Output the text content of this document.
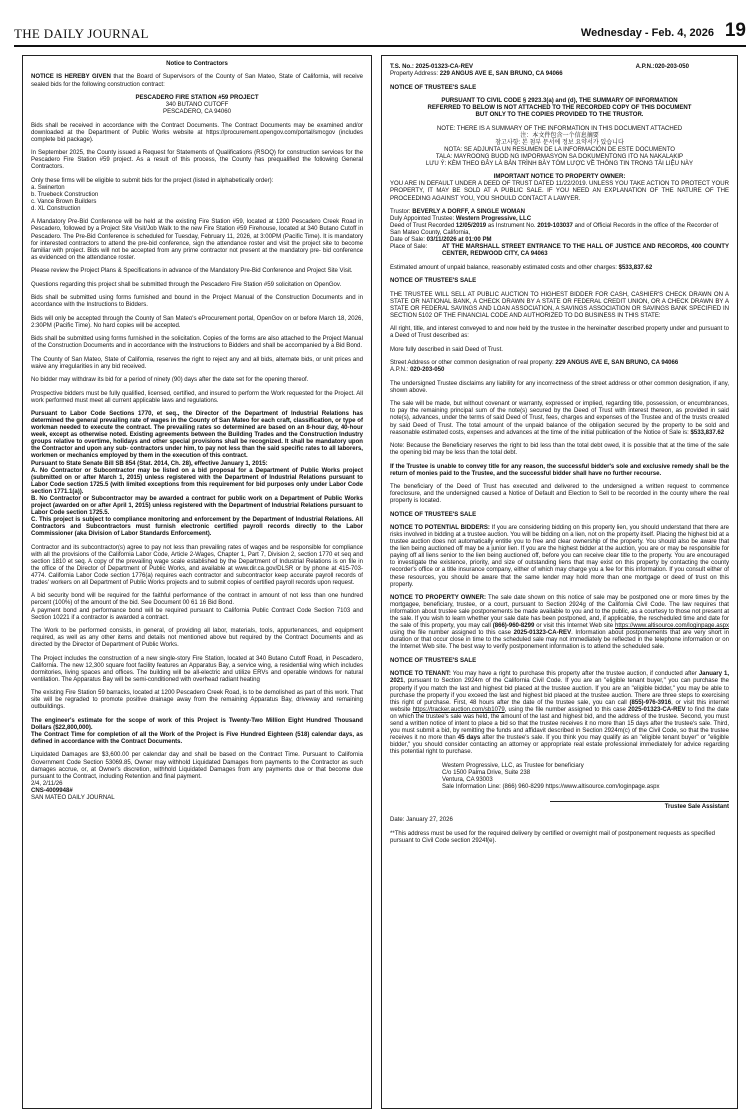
THE DAILY JOURNAL	Wednesday - Feb. 4, 2026 19

Notice to Contractors

NOTICE IS HEREBY GIVEN that the Board of Supervisors of the County of San Mateo, State of California, will receive sealed bids for the following construction contract:

PESCADERO FIRE STATION #59 PROJECT
340 BUTANO CUTOFF

PESCADERO, CA 94060

Bids shall be received in accordance with the Contract Documents. The Contract Documents may be examined and/or downloaded at the Department of Public Works website at https://procurement.opengov.com/portal/smcgov (includes complete bid package).

In September 2025, the County issued a Request for Statements of Qualifications (RSOQ) for construction services for the Pescadero Fire Station #59 project. As a result of this process, the County has prequalified the following General Contractors.

Only these firms will be eligible to submit bids for the project (listed in alphabetically order):
a. Swinerton
b. Truebeck Construction
c. Vance Brown Builders

d. XL Construction

A Mandatory Pre-Bid Conference will be held at the existing Fire Station #59, located at 1200 Pescadero Creek Road in Pescadero, followed by a Project Site Visit/Job Walk to the new Fire Station #59 Firehouse, located at 340 Butano Cutoff in Pescadero. The Pre-Bid Conference is scheduled for Tuesday, February 11, 2026, at 3:00PM (Pacific Time). It is mandatory for interested contractors to attend the pre-bid conference, sign the attendance roster and visit the project site to become familiar with project. Bids will not be accepted from any prime contractor not present at the mandatory pre- bid conference as evidenced on the attendance roster.

Please review the Project Plans & Specifications in advance of the Mandatory Pre-Bid Conference and Project Site Visit.

Questions regarding this project shall be submitted through the Pescadero Fire Station #59 solicitation on OpenGov.

Bids shall be submitted using forms furnished and bound in the Project Manual of the Construction Documents and in accordance with the Instructions to Bidders.

Bids will only be accepted through the County of San Mateo's eProcurement portal, OpenGov on or before March 18, 2026, 2:30PM (Pacific Time). No hard copies will be accepted.

Bids shall be submitted using forms furnished in the solicitation. Copies of the forms are also attached to the Project Manual of the Construction Documents and in accordance with the Instructions to Bidders and shall be accompanied by a Bid Bond.

The County of San Mateo, State of California, reserves the right to reject any and all bids, alternate bids, or unit prices and waive any irregularities in any bid received.

No bidder may withdraw its bid for a period of ninety (90) days after the date set for the opening thereof.

Prospective bidders must be fully qualified, licensed, certified, and insured to perform the Work requested for the Project. All work performed must meet all current applicable laws and regulations.

Pursuant to Labor Code Sections 1770, et seq., the Director of the Department of Industrial Relations has determined the general prevailing rate of wages in the County of San Mateo for each craft, classification, or type of workman needed to execute the contract. The prevailing rates so determined are based on an 8-hour day, 40-hour week, except as otherwise noted. Existing agreements between the Building Trades and the Construction Industry groups relative to overtime, holidays and other special provisions shall be recognized. It shall be mandatory upon the Contractor and upon any sub- contractors under him, to pay not less than the said specific rates to all laborers, workmen or mechanics employed by them in the execution of this contract.
Pursuant to State Senate Bill SB 854 (Stat. 2014, Ch. 28), effective January 1, 2015:
A. No Contractor or Subcontractor may be listed on a bid proposal for a Department of Public Works project (submitted on or after March 1, 2015) unless registered with the Department of Industrial Relations pursuant to Labor Code section 1725.5 (with limited exceptions from this requirement for bid purposes only under Labor Code section 1771.1(a)).
B. No Contractor or Subcontractor may be awarded a contract for public work on a Department of Public Works project (awarded on or after April 1, 2015) unless registered with the Department of Industrial Relations pursuant to Labor Code section 1725.5.

C. This project is subject to compliance monitoring and enforcement by the Department of Industrial Relations. All Contractors and Subcontractors must furnish electronic certified payroll records directly to the Labor Commissioner (aka Division of Labor Standards Enforcement).

Contractor and its subcontractor(s) agree to pay not less than prevailing rates of wages and be responsible for compliance with all the provisions of the California Labor Code, Article 2-Wages, Chapter 1, Part 7, Division 2, section 1770 et seq and section 1810 et seq. A copy of the prevailing wage scale established by the Department of Industrial Relations is on file in the office of the Director of Department of Public Works, and available at www.dir.ca.gov/DLSR or by phone at 415-703-4774. California Labor Code section 1776(a) requires each contractor and subcontractor keep accurate payroll records of trades' workers on all Department of Public Works projects and to submit copies of certified payroll records upon request.

A bid security bond will be required for the faithful performance of the contract in amount of not less than one hundred percent (100%) of the amount of the bid. See Document 00 61 16 Bid Bond.

A payment bond and performance bond will be required pursuant to California Public Contract Code Section 7103 and Section 10221 if a contractor is awarded a contract.

The Work to be performed consists, in general, of providing all labor, materials, tools, appurtenances, and equipment required, as well as any other items and details not mentioned above but required by the Contract Documents and as directed by the Director of Department of Public Works.

The Project includes the construction of a new single-story Fire Station, located at 340 Butano Cutoff Road, in Pescadero, California. The new 12,300 square foot facility features an Apparatus Bay, a service wing, a residential wing which includes dormitories, living spaces and offices. The building will be all-electric and utilize ERVs and operable windows for natural ventilation. The Apparatus Bay will be semi-conditioned with overhead radiant heating

The existing Fire Station 59 barracks, located at 1200 Pescadero Creek Road, is to be demolished as part of this work. That site will be regraded to promote positive drainage away from the remaining Apparatus Bay, driveway and remaining outbuildings.

The engineer's estimate for the scope of work of this Project is Twenty-Two Million Eight Hundred Thousand Dollars ($22,800,000).

The Contract Time for completion of all the Work of the Project is Five Hundred Eighteen (518) calendar days, as defined in accordance with the Contract Documents.

Liquidated Damages are $3,600.00 per calendar day and shall be based on the Contract Time. Pursuant to California Government Code Section 53069.85, Owner may withhold Liquidated Damages from payments to the Contractor as such damages accrue, or, at Owner's discretion, withhold Liquidated Damages from any payments due or that become due pursuant to the Contract, including Retention and final payment.
2/4, 2/11/26
CNS-4009948#
SAN MATEO DAILY JOURNAL
T.S. No.: 2025-01323-CA-REV	A.P.N.:020-203-050

Property Address: 229 ANGUS AVE E, SAN BRUNO, CA 94066

NOTICE OF TRUSTEE'S SALE

PURSUANT TO CIVIL CODE § 2923.3(a) and (d), THE SUMMARY OF INFORMATION
REFERRED TO BELOW IS NOT ATTACHED TO THE RECORDED COPY OF THIS DOCUMENT

BUT ONLY TO THE COPIES PROVIDED TO THE TRUSTOR.

NOTE: THERE IS A SUMMARY OF THE INFORMATION IN THIS DOCUMENT ATTACHED
注：本文件包含一个信息摘要
참고사항: 본 첨부 문서에 정보 요약서가 있습니다
NOTA: SE ADJUNTA UN RESUMEN DE LA INFORMACIÓN DE ESTE DOCUMENTO
TALA: MAYROONG BUOD NG IMPORMASYON SA DOKUMENTONG ITO NA NAKALAKIP

LƯU Ý: KÈM THEO ĐÂY LÀ BẢN TRÌNH BÀY TÓM LƯỢC VỀ THÔNG TIN TRONG TÀI LIỆU NÀY

IMPORTANT NOTICE TO PROPERTY OWNER:

YOU ARE IN DEFAULT UNDER A DEED OF TRUST DATED 11/22/2019. UNLESS YOU TAKE ACTION TO PROTECT YOUR PROPERTY, IT MAY BE SOLD AT A PUBLIC SALE. IF YOU NEED AN EXPLANATION OF THE NATURE OF THE PROCEEDING AGAINST YOU, YOU SHOULD CONTACT A LAWYER.

Trustor: BEVERLY A DORFF, A SINGLE WOMAN
Duly Appointed Trustee: Western Progressive, LLC
Deed of Trust Recorded 12/05/2019 as Instrument No. 2019-103037 and of Official Records in the office of the Recorder of San Mateo County, California,
Date of Sale: 03/11/2026 at 01:00 PM

Place of Sale:	AT THE MARSHALL STREET ENTRANCE TO THE HALL OF JUSTICE AND RECORDS, 400 COUNTY CENTER, REDWOOD CITY, CA 94063

Estimated amount of unpaid balance, reasonably estimated costs and other charges: $533,837.62

NOTICE OF TRUSTEE'S SALE

THE TRUSTEE WILL SELL AT PUBLIC AUCTION TO HIGHEST BIDDER FOR CASH, CASHIER'S CHECK DRAWN ON A STATE OR NATIONAL BANK, A CHECK DRAWN BY A STATE OR FEDERAL CREDIT UNION, OR A CHECK DRAWN BY A STATE OR FEDERAL SAVINGS AND LOAN ASSOCIATION, A SAVINGS ASSOCIATION OR SAVINGS BANK SPECIFIED IN SECTION 5102 OF THE FINANCIAL CODE AND AUTHORIZED TO DO BUSINESS IN THIS STATE:

All right, title, and interest conveyed to and now held by the trustee in the hereinafter described property under and pursuant to a Deed of Trust described as:

More fully described in said Deed of Trust.

Street Address or other common designation of real property: 229 ANGUS AVE E, SAN BRUNO, CA 94066

A.P.N.: 020-203-050

The undersigned Trustee disclaims any liability for any incorrectness of the street address or other common designation, if any, shown above.

The sale will be made, but without covenant or warranty, expressed or implied, regarding title, possession, or encumbrances, to pay the remaining principal sum of the note(s) secured by the Deed of Trust with interest thereon, as provided in said note(s), advances, under the terms of said Deed of Trust, fees, charges and expenses of the Trustee and of the trusts created by said Deed of Trust. The total amount of the unpaid balance of the obligation secured by the property to be sold and reasonable estimated costs, expenses and advances at the time of the initial publication of the Notice of Sale is: $533,837.62

Note: Because the Beneficiary reserves the right to bid less than the total debt owed, it is possible that at the time of the sale the opening bid may be less than the total debt.

If the Trustee is unable to convey title for any reason, the successful bidder's sole and exclusive remedy shall be the return of monies paid to the Trustee, and the successful bidder shall have no further recourse.

The beneficiary of the Deed of Trust has executed and delivered to the undersigned a written request to commence foreclosure, and the undersigned caused a Notice of Default and Election to Sell to be recorded in the county where the real property is located.

NOTICE OF TRUSTEE'S SALE

NOTICE TO POTENTIAL BIDDERS: If you are considering bidding on this property lien, you should understand that there are risks involved in bidding at a trustee auction. You will be bidding on a lien, not on the property itself. Placing the highest bid at a trustee auction does not automatically entitle you to free and clear ownership of the property. You should also be aware that the lien being auctioned off may be a junior lien. If you are the highest bidder at the auction, you are or may be responsible for paying off all liens senior to the lien being auctioned off, before you can receive clear title to the property. You are encouraged to investigate the existence, priority, and size of outstanding liens that may exist on this property by contacting the county recorder's office or a title insurance company, either of which may charge you a fee for this information. If you consult either of these resources, you should be aware that the same lender may hold more than one mortgage or deed of trust on this property.

NOTICE TO PROPERTY OWNER: The sale date shown on this notice of sale may be postponed one or more times by the mortgagee, beneficiary, trustee, or a court, pursuant to Section 2924g of the California Civil Code. The law requires that information about trustee sale postponements be made available to you and to the public, as a courtesy to those not present at the sale. If you wish to learn whether your sale date has been postponed, and, if applicable, the rescheduled time and date for the sale of this property, you may call (866)-960-8299 or visit this Internet Web site https://www.altisource.com/loginpage.aspx using the file number assigned to this case 2025-01323-CA-REV. Information about postponements that are very short in duration or that occur close in time to the scheduled sale may not immediately be reflected in the telephone information or on the Internet Web site. The best way to verify postponement information is to attend the scheduled sale.

NOTICE OF TRUSTEE'S SALE

NOTICE TO TENANT: You may have a right to purchase this property after the trustee auction, if conducted after January 1, 2021, pursuant to Section 2924m of the California Civil Code. If you are an "eligible tenant buyer," you can purchase the property if you match the last and highest bid placed at the trustee auction. If you are an "eligible bidder," you may be able to purchase the property if you exceed the last and highest bid placed at the trustee auction. There are three steps to exercising this right of purchase. First, 48 hours after the date of the trustee sale, you can call (855)-976-3916, or visit this internet website https://tracker.auction.com/sb1079, using the file number assigned to this case 2025-01323-CA-REV to find the date on which the trustee's sale was held, the amount of the last and highest bid, and the address of the trustee. Second, you must send a written notice of intent to place a bid so that the trustee receives it no more than 15 days after the trustee's sale. Third, you must submit a bid, by remitting the funds and affidavit described in Section 2924m(c) of the Civil Code, so that the trustee receives it no more than 45 days after the trustee's sale. If you think you may qualify as an "eligible tenant buyer" or "eligible bidder," you should consider contacting an attorney or appropriate real estate professional immediately for advice regarding this potential right to purchase.

Western Progressive, LLC, as Trustee for beneficiary
C/o 1500 Palma Drive, Suite 238
Ventura, CA 93003
Sale Information Line: (866) 960-8299 https://www.altisource.com/loginpage.aspx

Trustee Sale Assistant

Date: January 27, 2026

**This address must be used for the required delivery by certified or overnight mail of postponement requests as specified pursuant to Civil Code section 2924f(e).
